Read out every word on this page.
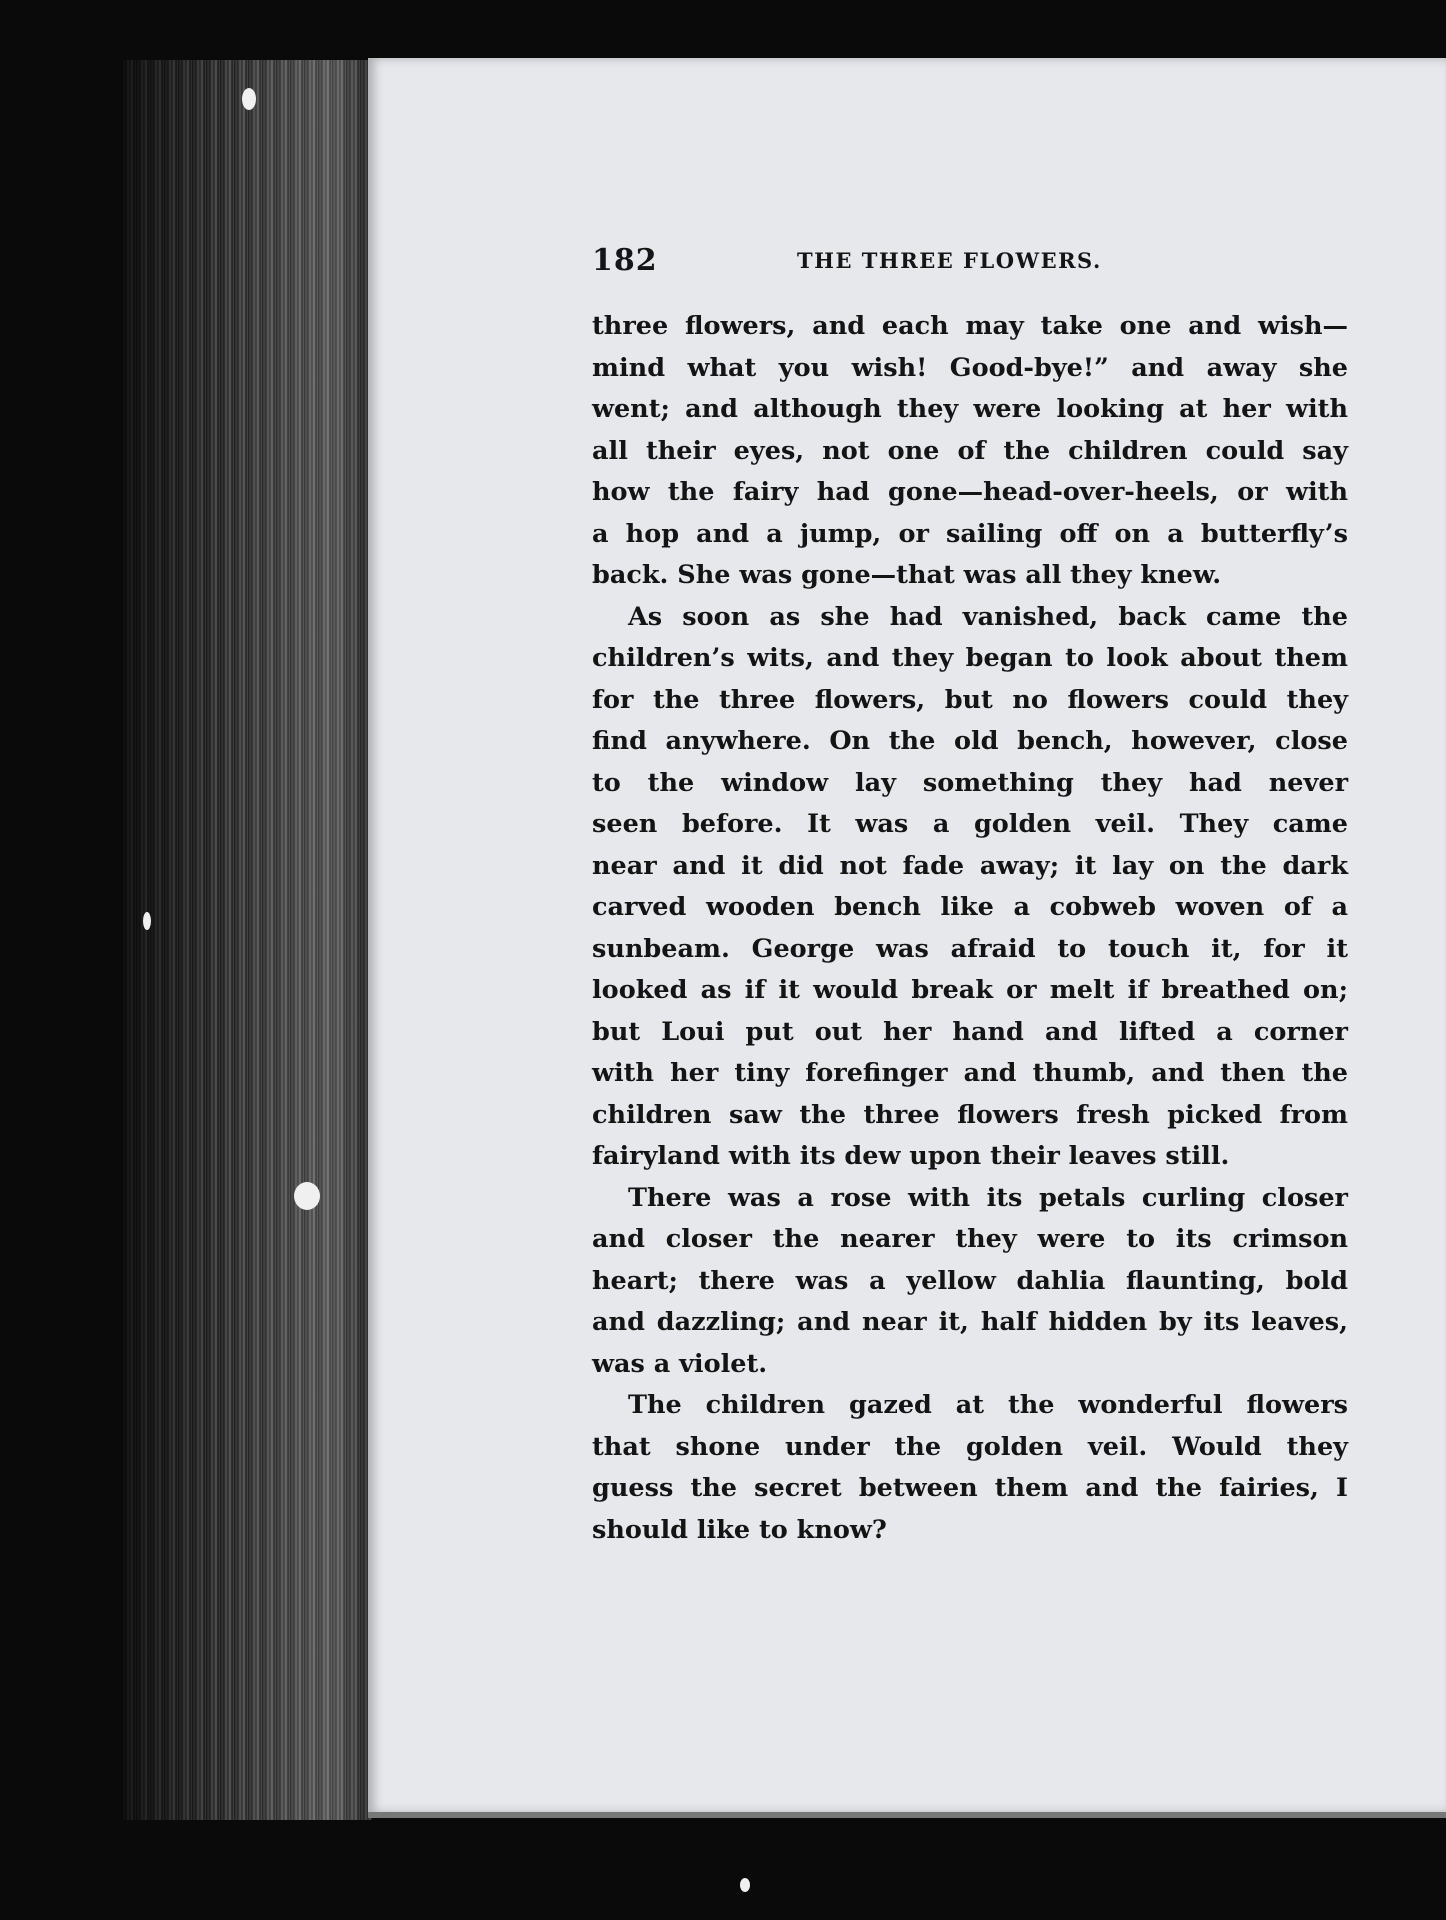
182	THE THREE FLOWERS.
three flowers, and each may take one and wish—
mind what you wish! Good-bye!” and away she
went; and although they were looking at her with
all their eyes, not one of the children could say
how the fairy had gone—head-over-heels, or with
a hop and a jump, or sailing off on a butterfly’s
back. She was gone—that was all they knew.
As soon as she had vanished, back came the
children’s wits, and they began to look about them
for the three flowers, but no flowers could they
find anywhere. On the old bench, however, close
to the window lay something they had never
seen before. It was a golden veil. They came
near and it did not fade away; it lay on the dark
carved wooden bench like a cobweb woven of a
sunbeam. George was afraid to touch it, for it
looked as if it would break or melt if breathed on;
but Loui put out her hand and lifted a corner
with her tiny forefinger and thumb, and then the
children saw the three flowers fresh picked from
fairyland with its dew upon their leaves still.
There was a rose with its petals curling closer
and closer the nearer they were to its crimson
heart; there was a yellow dahlia flaunting, bold
and dazzling; and near it, half hidden by its leaves,
was a violet.
The children gazed at the wonderful flowers
that shone under the golden veil. Would they
guess the secret between them and the fairies, I
should like to know?
